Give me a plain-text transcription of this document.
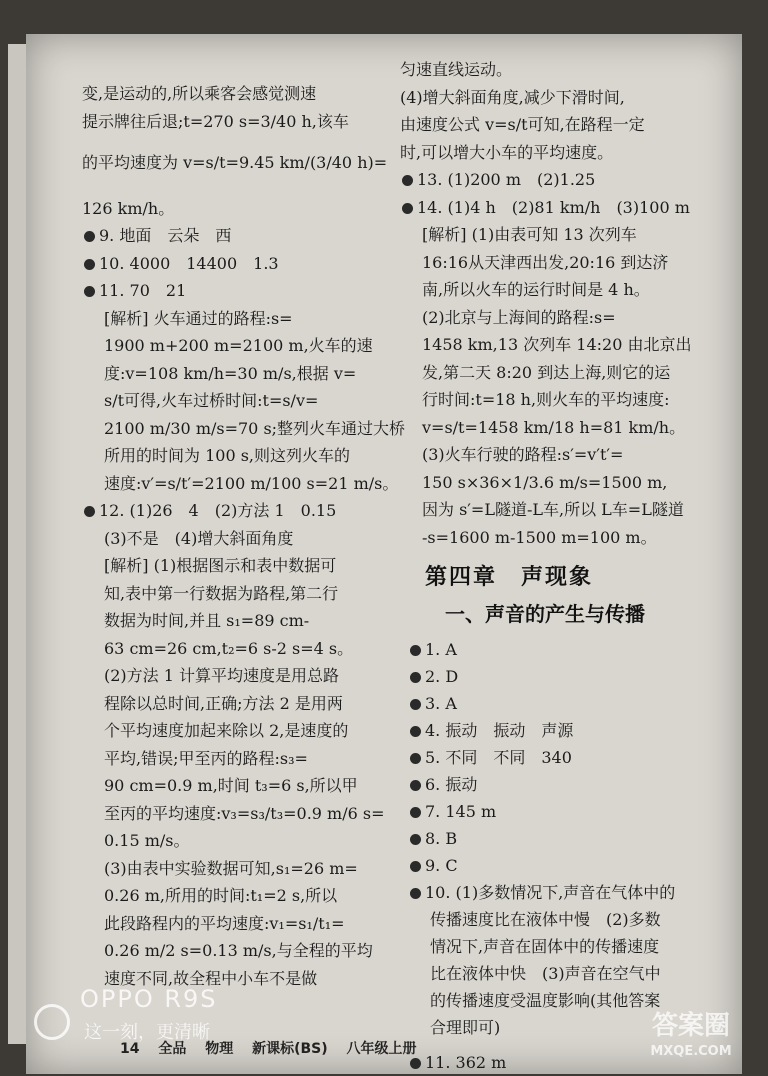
变,是运动的,所以乘客会感觉测速
提示牌往后退;t=270 s=3/40 h,该车
的平均速度为 v=s/t=9.45 km/(3/40 h)=
126 km/h。
9. 地面　云朵　西
10. 4000　14400　1.3
11. 70　21
[解析] 火车通过的路程:s=
1900 m+200 m=2100 m,火车的速
度:v=108 km/h=30 m/s,根据 v=
s/t可得,火车过桥时间:t=s/v=
2100 m/30 m/s=70 s;整列火车通过大桥
所用的时间为 100 s,则这列火车的
速度:v′=s/t′=2100 m/100 s=21 m/s。
12. (1)26　4　(2)方法 1　0.15
(3)不是　(4)增大斜面角度
[解析] (1)根据图示和表中数据可
知,表中第一行数据为路程,第二行
数据为时间,并且 s₁=89 cm-
63 cm=26 cm,t₂=6 s-2 s=4 s。
(2)方法 1 计算平均速度是用总路
程除以总时间,正确;方法 2 是用两
个平均速度加起来除以 2,是速度的
平均,错误;甲至丙的路程:s₃=
90 cm=0.9 m,时间 t₃=6 s,所以甲
至丙的平均速度:v₃=s₃/t₃=0.9 m/6 s=
0.15 m/s。
(3)由表中实验数据可知,s₁=26 m=
0.26 m,所用的时间:t₁=2 s,所以
此段路程内的平均速度:v₁=s₁/t₁=
0.26 m/2 s=0.13 m/s,与全程的平均
速度不同,故全程中小车不是做
匀速直线运动。
(4)增大斜面角度,减少下滑时间,
由速度公式 v=s/t可知,在路程一定
时,可以增大小车的平均速度。
13. (1)200 m　(2)1.25
14. (1)4 h　(2)81 km/h　(3)100 m
[解析] (1)由表可知 13 次列车
16:16从天津西出发,20:16 到达济
南,所以火车的运行时间是 4 h。
(2)北京与上海间的路程:s=
1458 km,13 次列车 14:20 由北京出
发,第二天 8:20 到达上海,则它的运
行时间:t=18 h,则火车的平均速度:
v=s/t=1458 km/18 h=81 km/h。
(3)火车行驶的路程:s′=v′t′=
150 s×36×1/3.6 m/s=1500 m,
因为 s′=L隧道-L车,所以 L车=L隧道
-s=1600 m-1500 m=100 m。
第四章　声现象
一、声音的产生与传播
1. A
2. D
3. A
4. 振动　振动　声源
5. 不同　不同　340
6. 振动
7. 145 m
8. B
9. C
10. (1)多数情况下,声音在气体中的
传播速度比在液体中慢　(2)多数
情况下,声音在固体中的传播速度
比在液体中快　(3)声音在空气中
的传播速度受温度影响(其他答案
合理即可)
11. 362 m
14 全品 物理 新课标(BS) 八年级上册
OPPO R9S
这一刻，更清晰	答案圈
MXQE.COM
